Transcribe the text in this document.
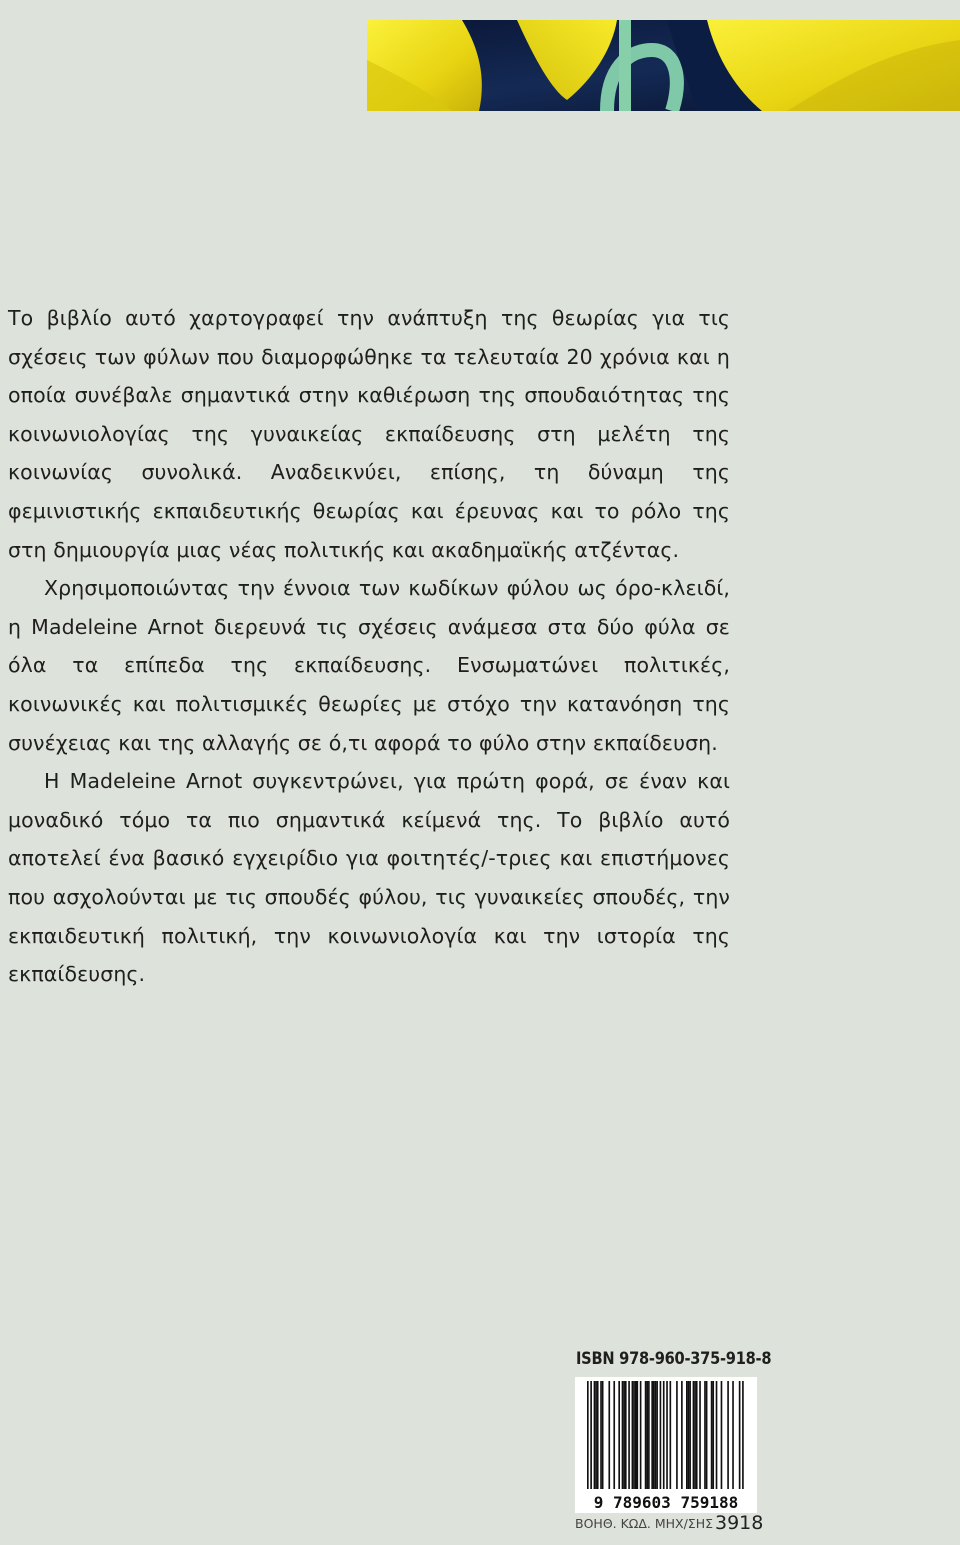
Το βιβλίο αυτό χαρτογραφεί την ανάπτυξη της θεωρίας για τις σχέσεις των φύλων που διαμορφώθηκε τα τελευταία 20 χρόνια και η οποία συνέβαλε σημαντικά στην καθιέρωση της σπουδαιότητας της κοινωνιολογίας της γυναικείας εκπαίδευσης στη μελέτη της κοινωνίας συνολικά. Αναδεικνύει, επίσης, τη δύναμη της φεμινιστικής εκπαιδευτικής θεωρίας και έρευνας και το ρόλο της στη δημιουργία μιας νέας πολιτικής και ακαδημαϊκής ατζέντας.

Χρησιμοποιώντας την έννοια των κωδίκων φύλου ως όρο-κλειδί, η Madeleine Arnot διερευνά τις σχέσεις ανάμεσα στα δύο φύλα σε όλα τα επίπεδα της εκπαίδευσης. Ενσωματώνει πολιτικές, κοινωνικές και πολιτισμικές θεωρίες με στόχο την κατανόηση της συνέχειας και της αλλαγής σε ό,τι αφορά το φύλο στην εκπαίδευση.

Η Madeleine Arnot συγκεντρώνει, για πρώτη φορά, σε έναν και μοναδικό τόμο τα πιο σημαντικά κείμενά της. Το βιβλίο αυτό αποτελεί ένα βασικό εγχειρίδιο για φοιτητές/-τριες και επιστήμονες που ασχολούνται με τις σπουδές φύλου, τις γυναικείες σπουδές, την εκπαιδευτική πολιτική, την κοινωνιολογία και την ιστορία της εκπαίδευσης.

ISBN 978-960-375-918-8
9 789603 759188
ΒΟΗΘ. ΚΩΔ. ΜΗΧ/ΣΗΣ 3918
